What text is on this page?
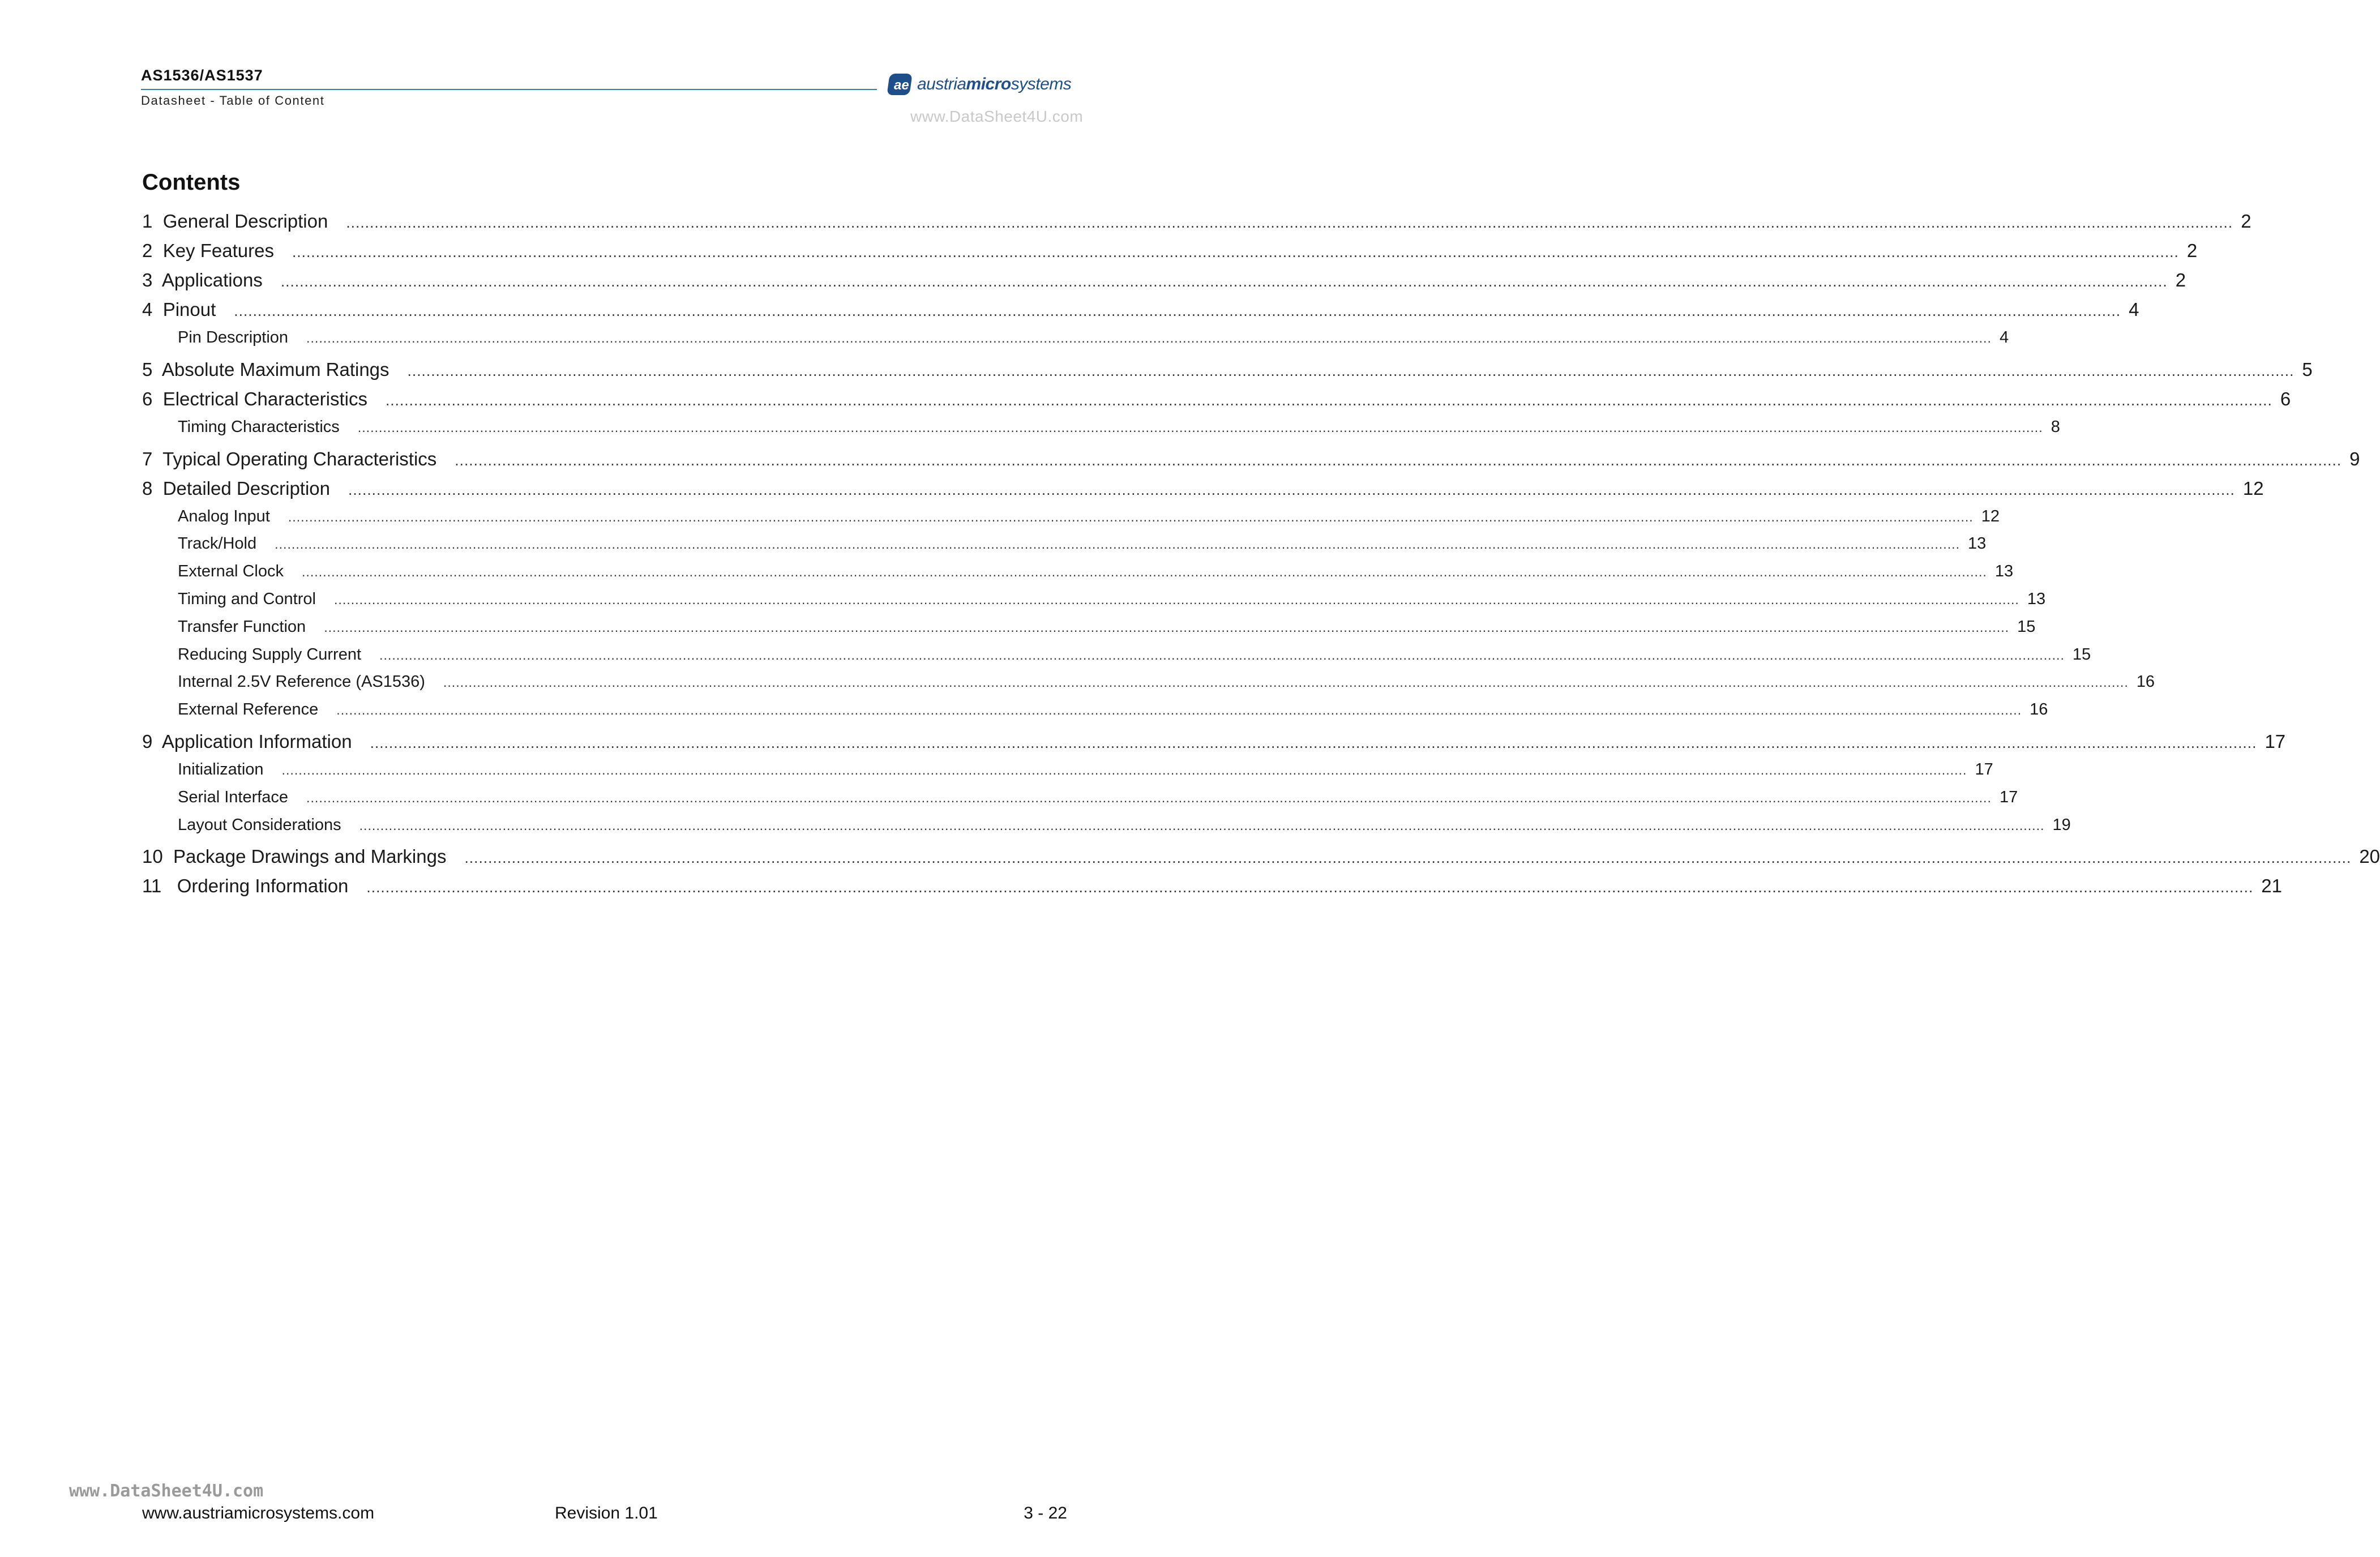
AS1536/AS1537
Datasheet - Table of Content
ae austriamicrosystems
www.DataSheet4U.com
Contents
1  General Description	................................................................................................................................................................................................................................................................................................................................................................................................................ 2
2  Key Features	................................................................................................................................................................................................................................................................................................................................................................................................................ 2
3  Applications	................................................................................................................................................................................................................................................................................................................................................................................................................ 2
4  Pinout	................................................................................................................................................................................................................................................................................................................................................................................................................ 4
Pin Description	................................................................................................................................................................................................................................................................................................................................................................................................................ 4
5  Absolute Maximum Ratings	................................................................................................................................................................................................................................................................................................................................................................................................................ 5
6  Electrical Characteristics	................................................................................................................................................................................................................................................................................................................................................................................................................ 6
Timing Characteristics	................................................................................................................................................................................................................................................................................................................................................................................................................ 8
7  Typical Operating Characteristics	................................................................................................................................................................................................................................................................................................................................................................................................................ 9
8  Detailed Description	................................................................................................................................................................................................................................................................................................................................................................................................................ 12
Analog Input	................................................................................................................................................................................................................................................................................................................................................................................................................ 12
Track/Hold	................................................................................................................................................................................................................................................................................................................................................................................................................ 13
External Clock	................................................................................................................................................................................................................................................................................................................................................................................................................ 13
Timing and Control	................................................................................................................................................................................................................................................................................................................................................................................................................ 13
Transfer Function	................................................................................................................................................................................................................................................................................................................................................................................................................ 15
Reducing Supply Current	................................................................................................................................................................................................................................................................................................................................................................................................................ 15
Internal 2.5V Reference (AS1536)	................................................................................................................................................................................................................................................................................................................................................................................................................ 16
External Reference	................................................................................................................................................................................................................................................................................................................................................................................................................ 16
9  Application Information	................................................................................................................................................................................................................................................................................................................................................................................................................ 17
Initialization	................................................................................................................................................................................................................................................................................................................................................................................................................ 17
Serial Interface	................................................................................................................................................................................................................................................................................................................................................................................................................ 17
Layout Considerations	................................................................................................................................................................................................................................................................................................................................................................................................................ 19
10  Package Drawings and Markings	................................................................................................................................................................................................................................................................................................................................................................................................................ 20
11   Ordering Information	................................................................................................................................................................................................................................................................................................................................................................................................................ 21
www.DataSheet4U.com
www.austriamicrosystems.com	Revision 1.01	3 - 22
